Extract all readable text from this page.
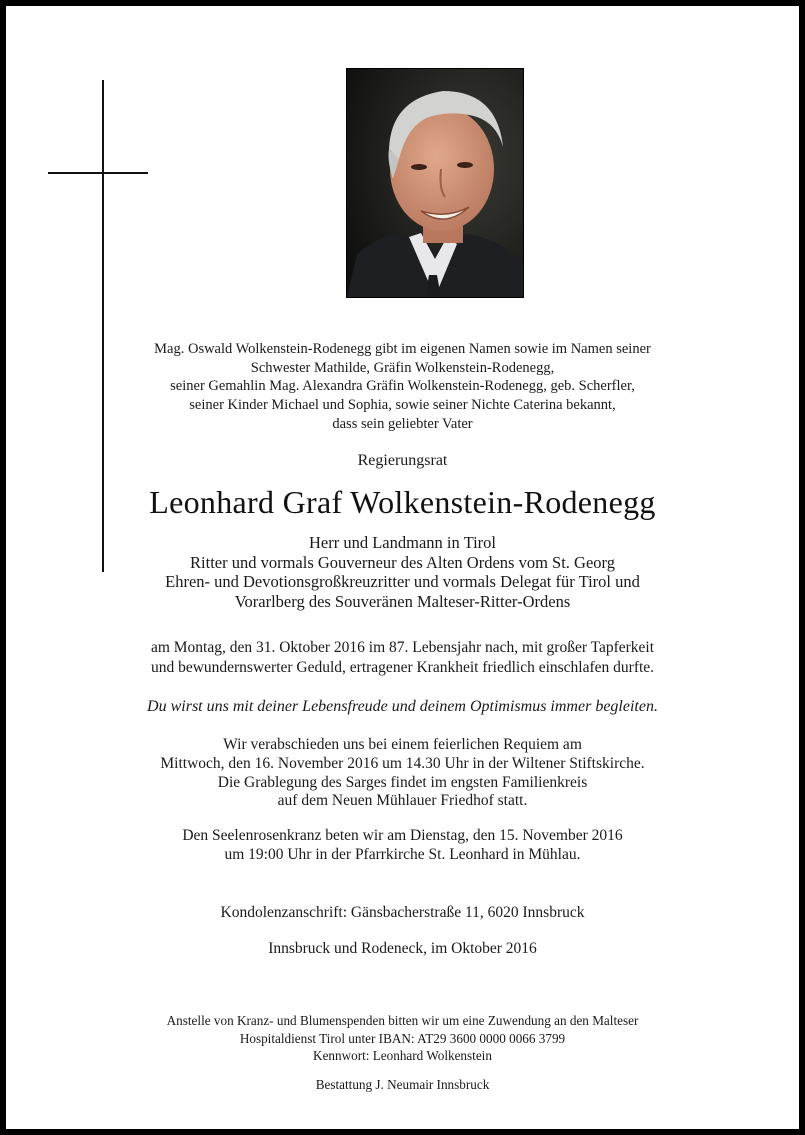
Mag. Oswald Wolkenstein-Rodenegg gibt im eigenen Namen sowie im Namen seiner
Schwester Mathilde, Gräfin Wolkenstein-Rodenegg,
seiner Gemahlin Mag. Alexandra Gräfin Wolkenstein-Rodenegg, geb. Scherfler,
seiner Kinder Michael und Sophia, sowie seiner Nichte Caterina bekannt,
dass sein geliebter Vater
Regierungsrat
Leonhard Graf Wolkenstein-Rodenegg
Herr und Landmann in Tirol
Ritter und vormals Gouverneur des Alten Ordens vom St. Georg
Ehren- und Devotionsgroßkreuzritter und vormals Delegat für Tirol und
Vorarlberg des Souveränen Malteser-Ritter-Ordens
am Montag, den 31. Oktober 2016 im 87. Lebensjahr nach, mit großer Tapferkeit
und bewundernswerter Geduld, ertragener Krankheit friedlich einschlafen durfte.
Du wirst uns mit deiner Lebensfreude und deinem Optimismus immer begleiten.
Wir verabschieden uns bei einem feierlichen Requiem am
Mittwoch, den 16. November 2016 um 14.30 Uhr in der Wiltener Stiftskirche.
Die Grablegung des Sarges findet im engsten Familienkreis
auf dem Neuen Mühlauer Friedhof statt.
Den Seelenrosenkranz beten wir am Dienstag, den 15. November 2016
um 19:00 Uhr in der Pfarrkirche St. Leonhard in Mühlau.
Kondolenzanschrift: Gänsbacherstraße 11, 6020 Innsbruck
Innsbruck und Rodeneck, im Oktober 2016
Anstelle von Kranz- und Blumenspenden bitten wir um eine Zuwendung an den Malteser
Hospitaldienst Tirol unter IBAN: AT29 3600 0000 0066 3799
Kennwort: Leonhard Wolkenstein
Bestattung J. Neumair Innsbruck
